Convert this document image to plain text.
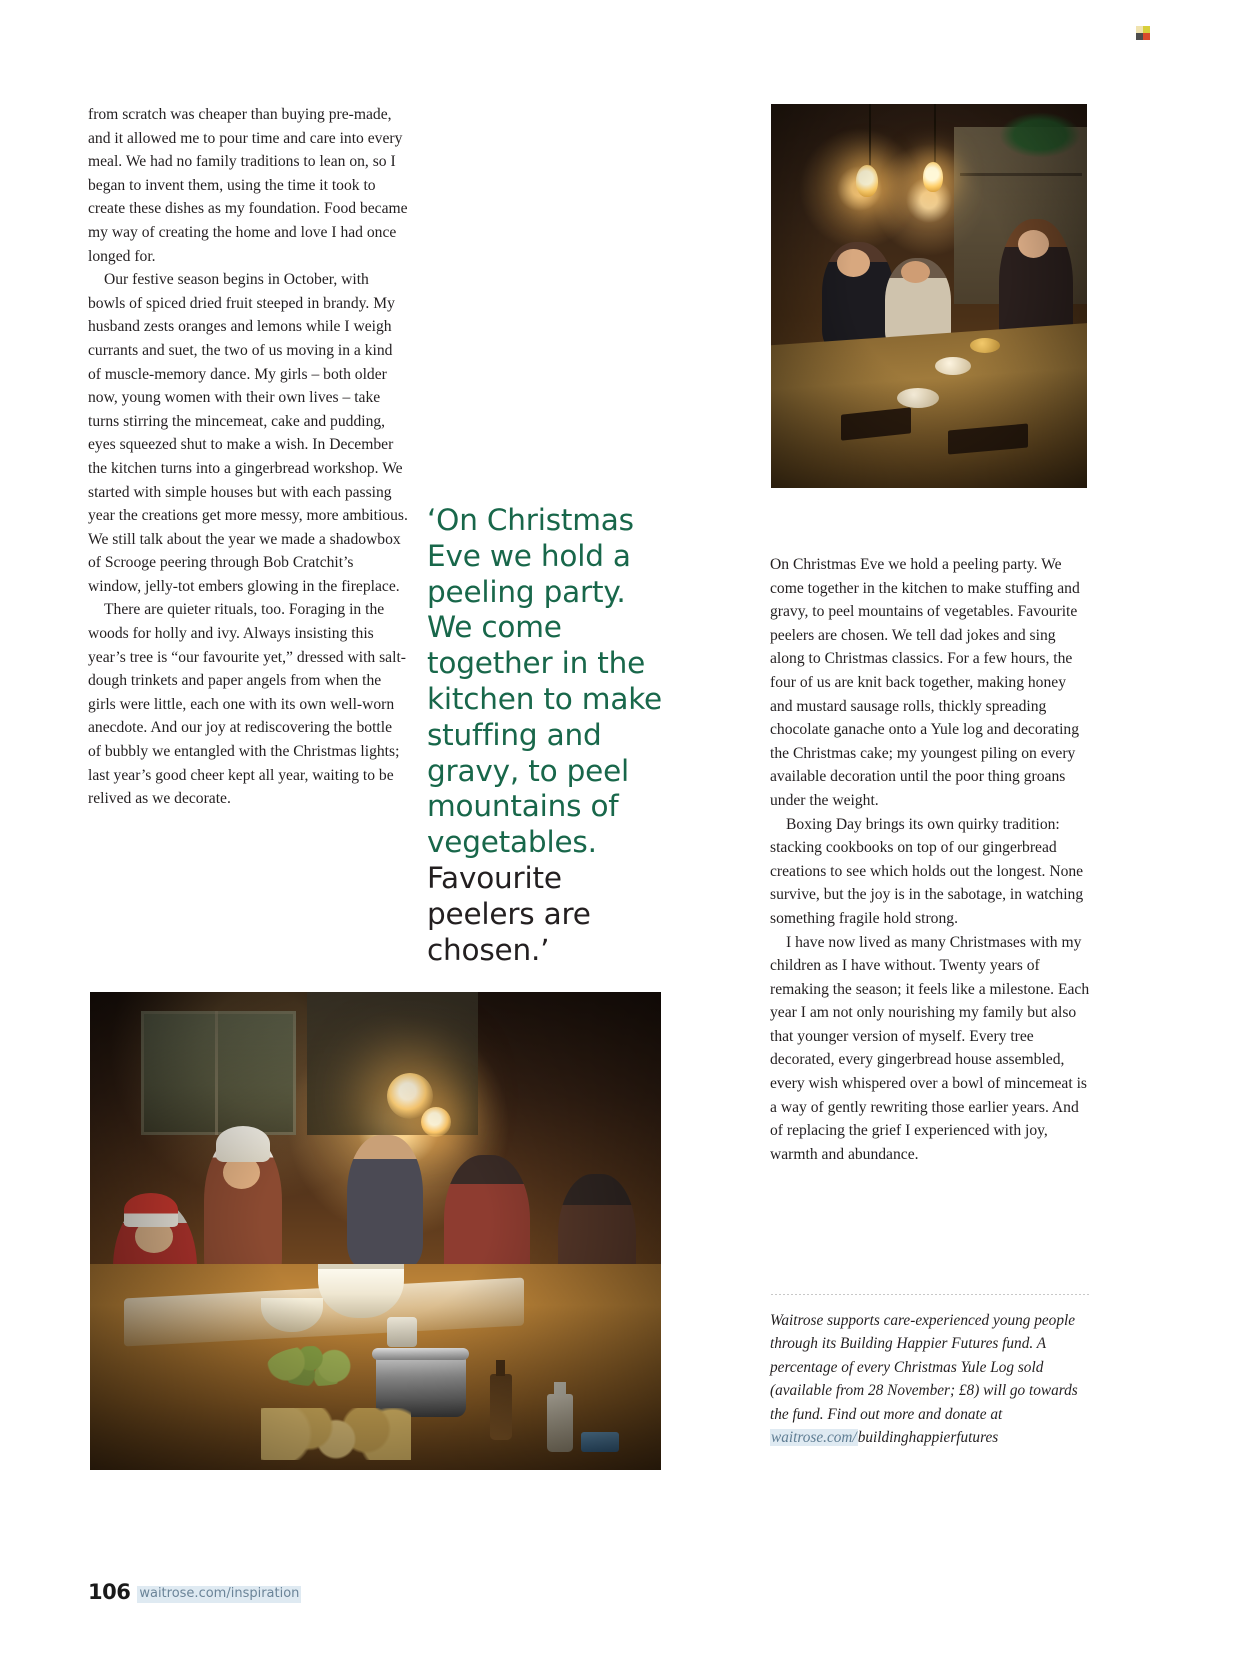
from scratch was cheaper than buying pre-made, and it allowed me to pour time and care into every meal. We had no family traditions to lean on, so I began to invent them, using the time it took to create these dishes as my foundation. Food became my way of creating the home and love I had once longed for.

Our festive season begins in October, with bowls of spiced dried fruit steeped in brandy. My husband zests oranges and lemons while I weigh currants and suet, the two of us moving in a kind of muscle-memory dance. My girls – both older now, young women with their own lives – take turns stirring the mincemeat, cake and pudding, eyes squeezed shut to make a wish. In December the kitchen turns into a gingerbread workshop. We started with simple houses but with each passing year the creations get more messy, more ambitious. We still talk about the year we made a shadowbox of Scrooge peering through Bob Cratchit’s window, jelly-tot embers glowing in the fireplace.

There are quieter rituals, too. Foraging in the woods for holly and ivy. Always insisting this year’s tree is “our favourite yet,” dressed with salt-dough trinkets and paper angels from when the girls were little, each one with its own well-worn anecdote. And our joy at rediscovering the bottle of bubbly we entangled with the Christmas lights; last year’s good cheer kept all year, waiting to be relived as we decorate.

‘On Christmas Eve we hold a peeling party. We come together in the kitchen to make stuffing and gravy, to peel mountains of vegetables. Favourite peelers are chosen.’

On Christmas Eve we hold a peeling party. We come together in the kitchen to make stuffing and gravy, to peel mountains of vegetables. Favourite peelers are chosen. We tell dad jokes and sing along to Christmas classics. For a few hours, the four of us are knit back together, making honey and mustard sausage rolls, thickly spreading chocolate ganache onto a Yule log and decorating the Christmas cake; my youngest piling on every available decoration until the poor thing groans under the weight.

Boxing Day brings its own quirky tradition: stacking cookbooks on top of our gingerbread creations to see which holds out the longest. None survive, but the joy is in the sabotage, in watching something fragile hold strong.

I have now lived as many Christmases with my children as I have without. Twenty years of remaking the season; it feels like a milestone. Each year I am not only nourishing my family but also that younger version of myself. Every tree decorated, every gingerbread house assembled, every wish whispered over a bowl of mincemeat is a way of gently rewriting those earlier years. And of replacing the grief I experienced with joy, warmth and abundance.

Waitrose supports care-experienced young people through its Building Happier Futures fund. A percentage of every Christmas Yule Log sold (available from 28 November; £8) will go towards the fund. Find out more and donate at waitrose.com/buildinghappierfutures

106 waitrose.com/inspiration
